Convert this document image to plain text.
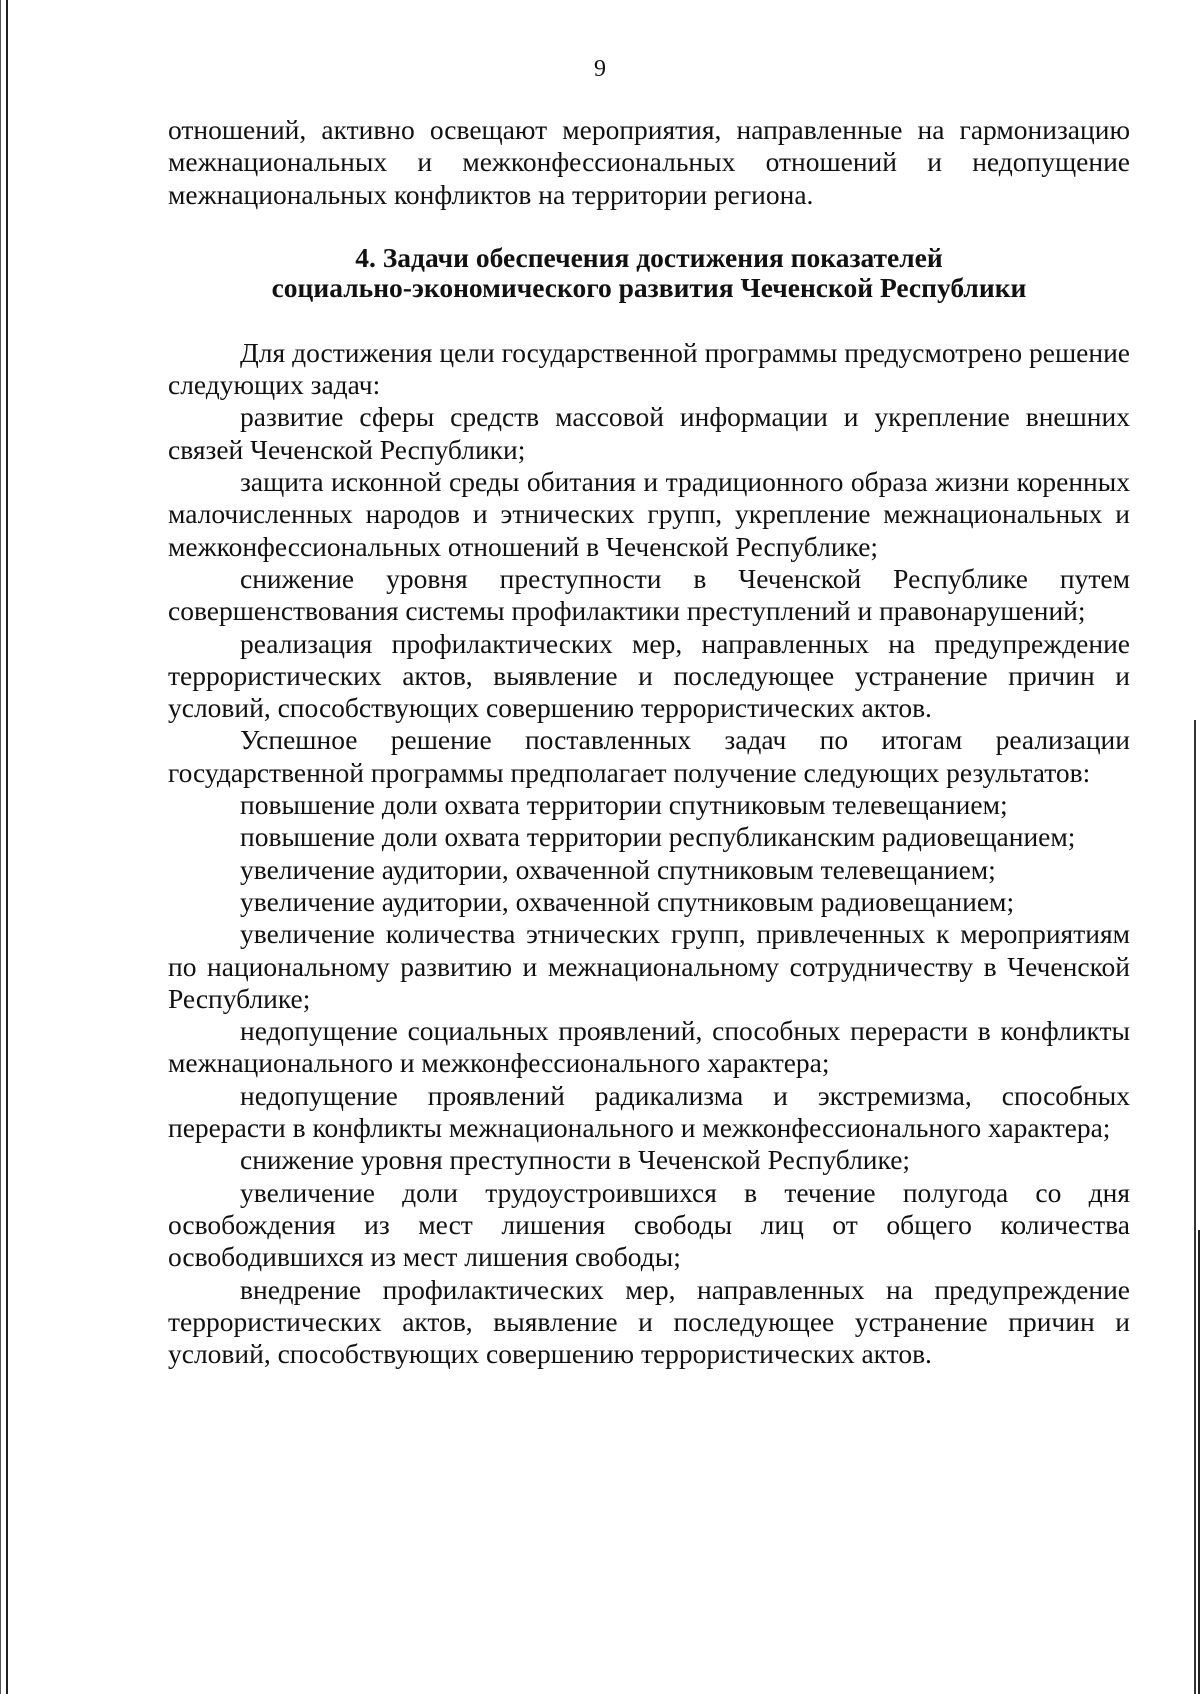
9

отношений, активно освещают мероприятия, направленные на гармонизацию межнациональных и межконфессиональных отношений и недопущение межнациональных конфликтов на территории региона.

4. Задачи обеспечения достижения показателей
социально-экономического развития Чеченской Республики

Для достижения цели государственной программы предусмотрено решение следующих задач:

развитие сферы средств массовой информации и укрепление внешних связей Чеченской Республики;

защита исконной среды обитания и традиционного образа жизни коренных малочисленных народов и этнических групп, укрепление межнациональных и межконфессиональных отношений в Чеченской Республике;

снижение уровня преступности в Чеченской Республике путем совершенствования системы профилактики преступлений и правонарушений;

реализация профилактических мер, направленных на предупреждение террористических актов, выявление и последующее устранение причин и условий, способствующих совершению террористических актов.

Успешное решение поставленных задач по итогам реализации государственной программы предполагает получение следующих результатов:

повышение доли охвата территории спутниковым телевещанием;

повышение доли охвата территории республиканским радиовещанием;

увеличение аудитории, охваченной спутниковым телевещанием;

увеличение аудитории, охваченной спутниковым радиовещанием;

увеличение количества этнических групп, привлеченных к мероприятиям по национальному развитию и межнациональному сотрудничеству в Чеченской Республике;

недопущение социальных проявлений, способных перерасти в конфликты межнационального и межконфессионального характера;

недопущение проявлений радикализма и экстремизма, способных перерасти в конфликты межнационального и межконфессионального характера;

снижение уровня преступности в Чеченской Республике;

увеличение доли трудоустроившихся в течение полугода со дня освобождения из мест лишения свободы лиц от общего количества освободившихся из мест лишения свободы;

внедрение профилактических мер, направленных на предупреждение террористических актов, выявление и последующее устранение причин и условий, способствующих совершению террористических актов.
